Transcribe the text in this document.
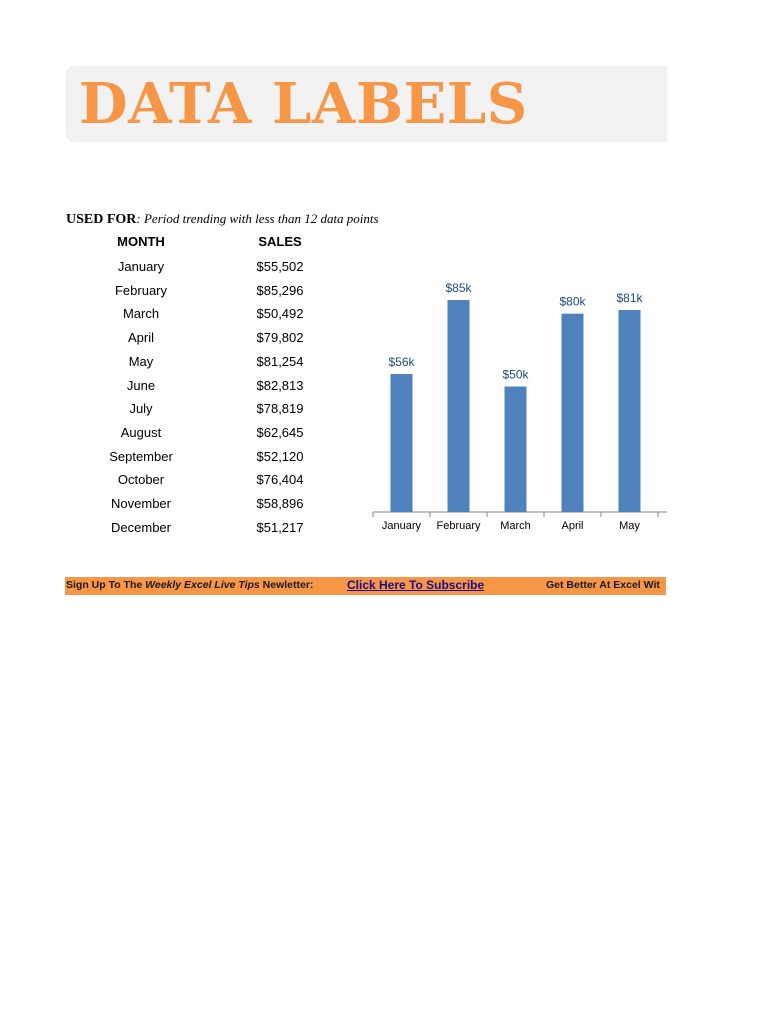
DATA LABELS
USED FOR: Period trending with less than 12 data points
MONTH	SALES
January	$55,502
February	$85,296
March	$50,492
April	$79,802
May	$81,254
June	$82,813
July	$78,819
August	$62,645
September	$52,120
October	$76,404
November	$58,896
December	$51,217
$56k
January
$85k
February
$50k
March
$80k
April
$81k
May
Sign Up To The Weekly Excel Live Tips Newletter:	Click Here To Subscribe	Get Better At Excel Wit
